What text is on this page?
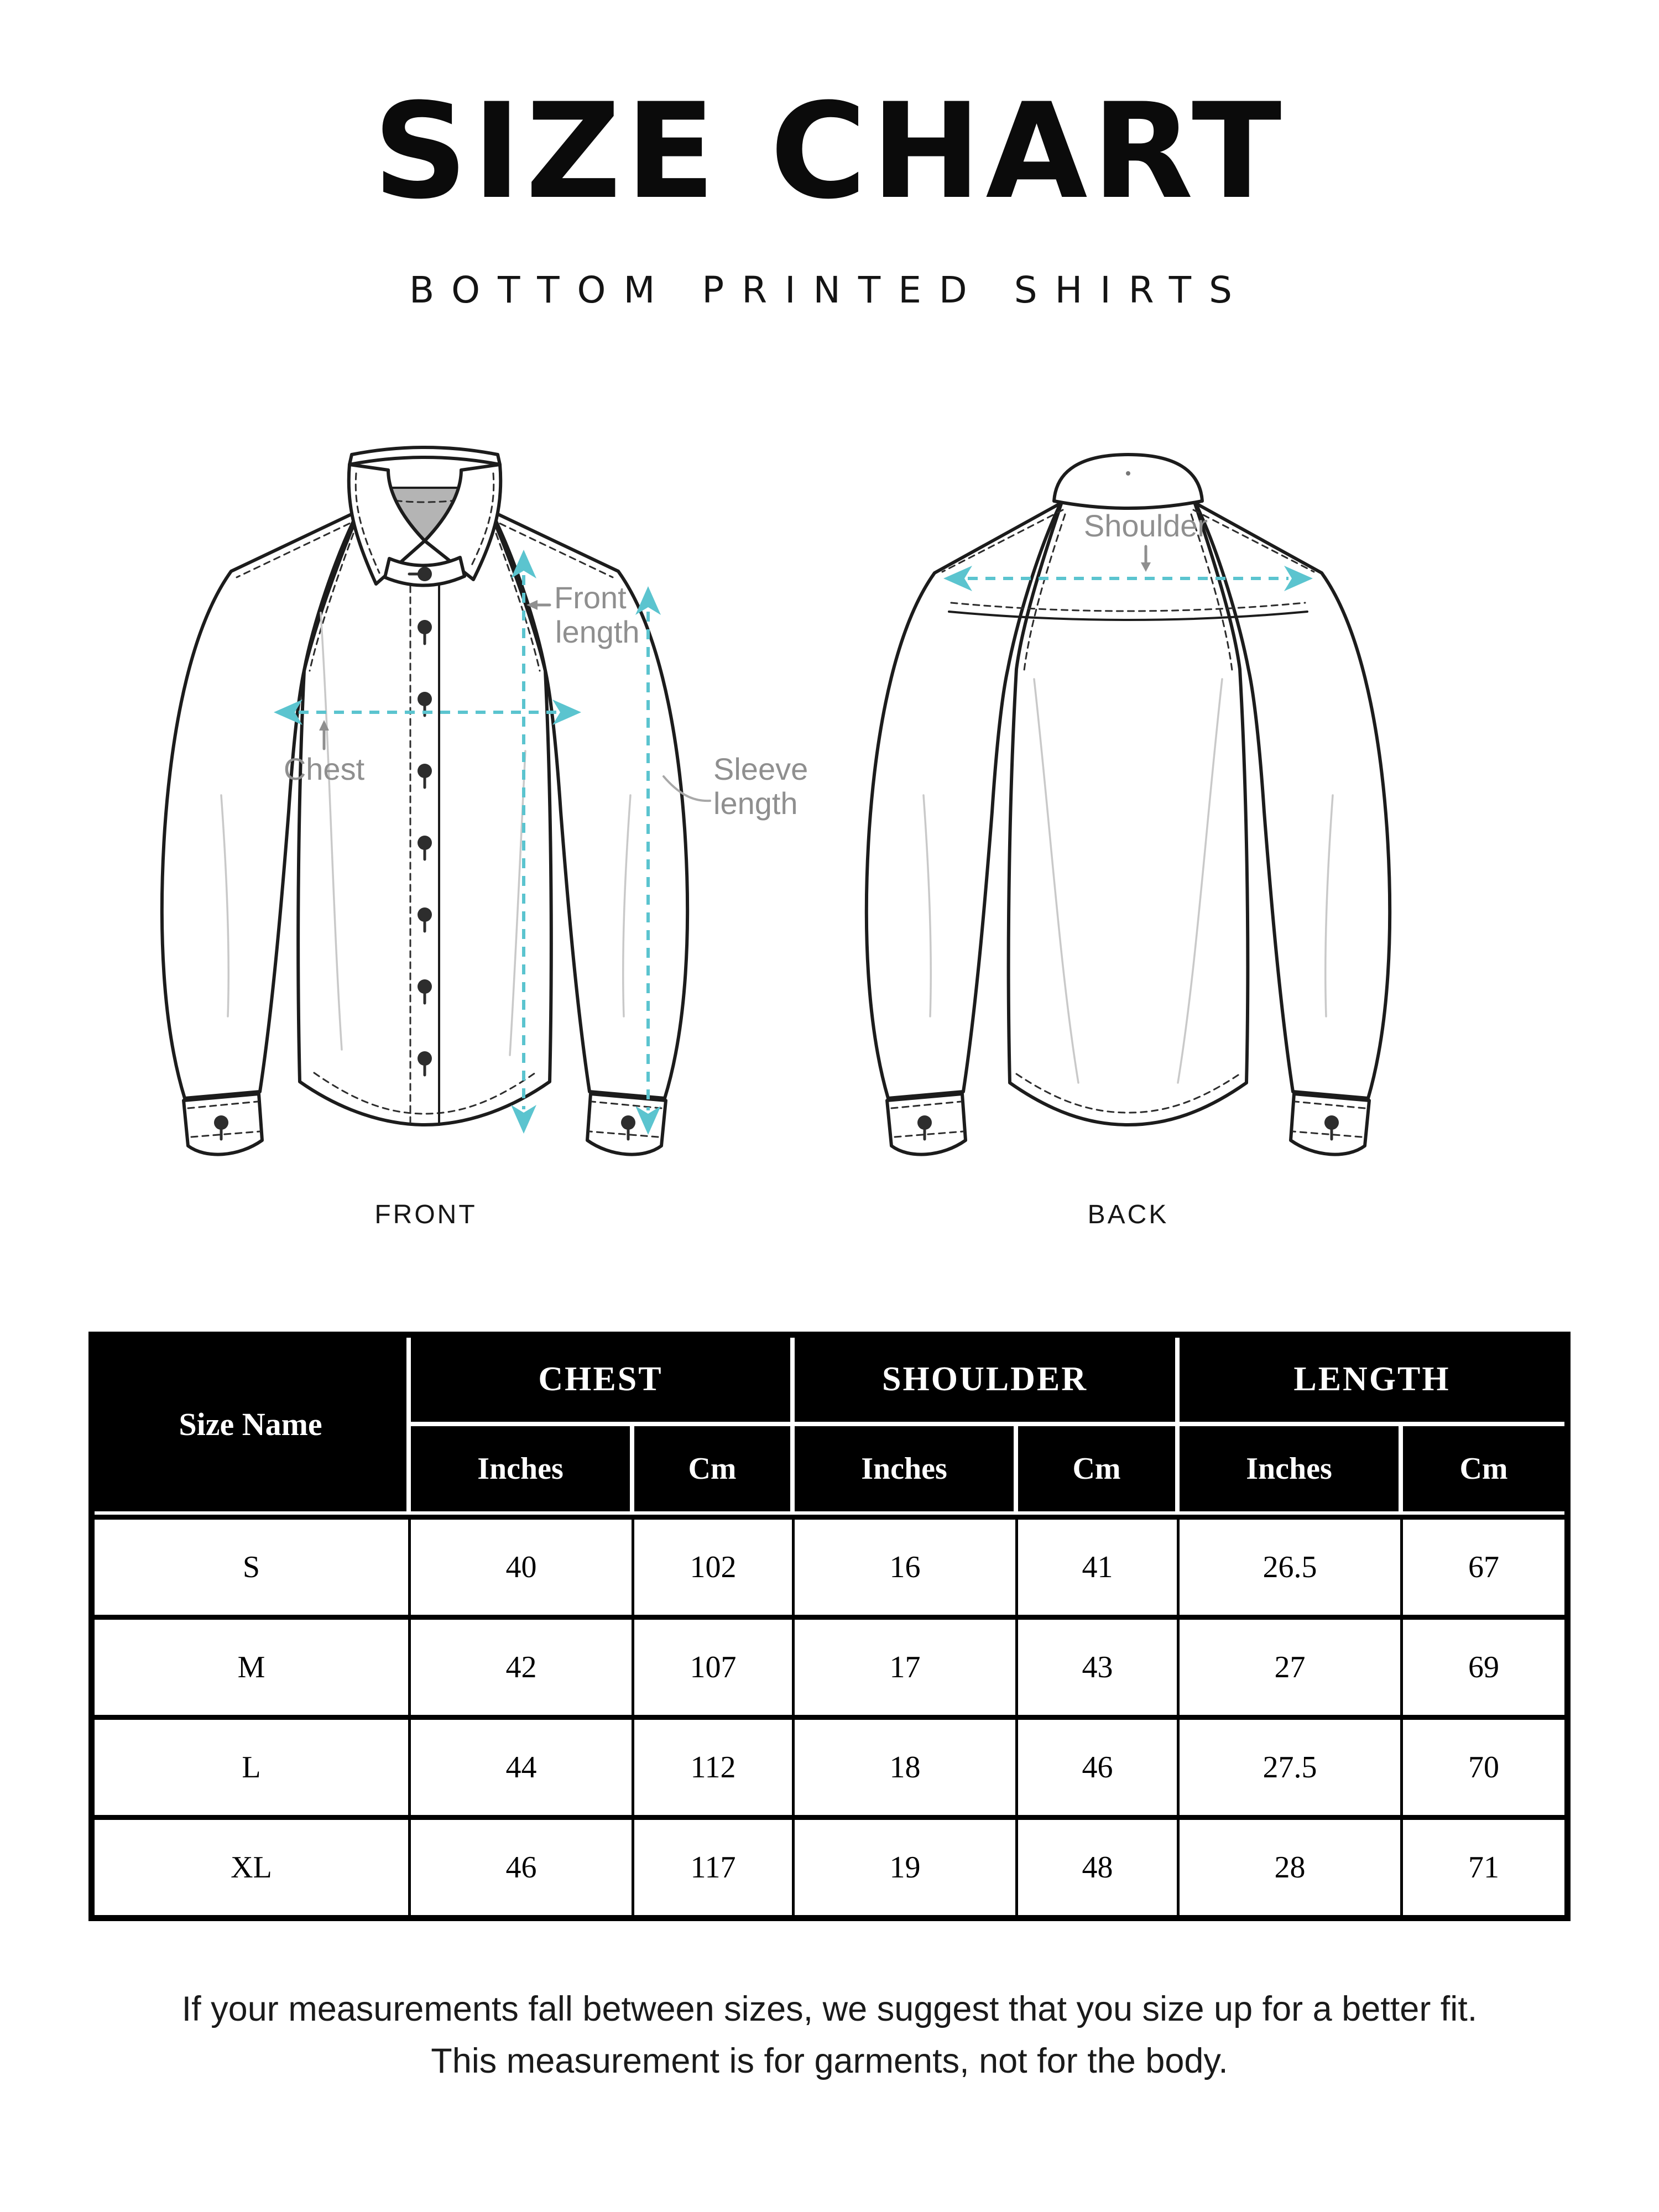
SIZE CHART
BOTTOM PRINTED SHIRTS
Front
length
Chest	Sleeve
length
FRONT
Shoulder
BACK
Size Name
CHEST	SHOULDER	LENGTH
Inches	Cm	Inches	Cm	Inches	Cm
S	40	102	16	41	26.5	67
M	42	107	17	43	27	69
L	44	112	18	46	27.5	70
XL	46	117	19	48	28	71

If your measurements fall between sizes, we suggest that you size up for a better fit.

This measurement is for garments, not for the body.
